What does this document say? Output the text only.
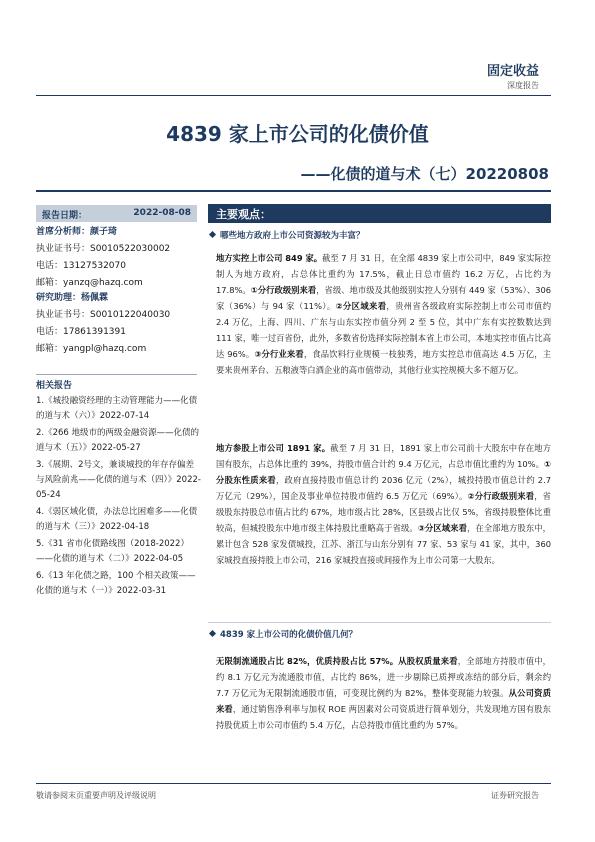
固定收益
深度报告
4839 家上市公司的化债价值
——化债的道与术（七）20220808
报告日期：	2022-08-08
首席分析师：颜子琦
执业证书号：S0010522030002
电话：13127532070
邮箱：yanzq@hazq.com
研究助理：杨佩霖
执业证书号：S0010122040030
电话：17861391391
邮箱：yangpl@hazq.com
相关报告
1.《城投融资经理的主动管理能力——化债的道与术（六）》2022-07-14
2.《266 地级市的两级金融资源——化债的道与术（五）》2022-05-27
3.《展期、2号文，兼谈城投的年存存偏差与风险前兆——化债的道与术（四）》2022-05-24
4.《弱区域化债，办法总比困难多——化债的道与术（三）》2022-04-18
5.《31 省市化债路线图（2018-2022）——化债的道与术（二）》2022-04-05
6.《13 年化债之路，100 个相关政策——化债的道与术（一）》2022-03-31
主要观点：
哪些地方政府上市公司资源较为丰富？
地方实控上市公司 849 家。截至 7 月 31 日，在全部 4839 家上市公司中，849 家实际控制人为地方政府，占总体比重约为 17.5%，截止日总市值约 16.2 万亿，占比约为 17.8%。①分行政级别来看，省级、地市级及其他级别实控人分别有 449 家（53%）、306 家（36%）与 94 家（11%）。②分区域来看，贵州省各级政府实际控制上市公司市值约 2.4 万亿，上海、四川、广东与山东实控市值分列 2 至 5 位，其中广东有实控数数达到 111 家，唯一过百省份，此外，多数省份选择实际控制本省上市公司，本地实控市值占比高达 96%。③分行业来看，食品饮料行业规模一枝独秀，地方实控总市值高达 4.5 万亿，主要来贵州茅台、五粮液等白酒企业的高市值带动，其他行业实控规模大多不超万亿。
地方参股上市公司 1891 家。截至 7 月 31 日，1891 家上市公司前十大股东中存在地方国有股东，占总体比重约 39%，持股市值合计约 9.4 万亿元，占总市值比重约为 10%。①分股东性质来看，政府直接持股市值总计约 2036 亿元（2%），城投持股市值总计约 2.7 万亿元（29%），国企及事业单位持股市值约 6.5 万亿元（69%）。②分行政级别来看，省级股东持股总市值占比约 67%，地市级占比 28%，区县级占比仅 5%，省级持股整体比重较高，但城投股东中地市级主体持股比重略高于省级。③分区域来看，在全部地方股东中，累计包含 528 家发债城投，江苏、浙江与山东分别有 77 家、53 家与 41 家，其中，360 家城投直接持股上市公司，216 家城投直接或间接作为上市公司第一大股东。
4839 家上市公司的化债价值几何？
无限制流通股占比 82%，优质持股占比 57%。从股权质量来看，全部地方持股市值中，约 8.1 万亿元为流通股市值，占比约 86%，进一步剔除已质押或冻结的部分后，剩余约 7.7 万亿元为无限制流通股市值，可变现比例约为 82%，整体变现能力较强。从公司资质来看，通过销售净利率与加权 ROE 两因素对公司资质进行简单划分，共发现地方国有股东持股优质上市公司市值约 5.4 万亿，占总持股市值比重约为 57%。
敬请参阅末页重要声明及评级说明	证券研究报告
